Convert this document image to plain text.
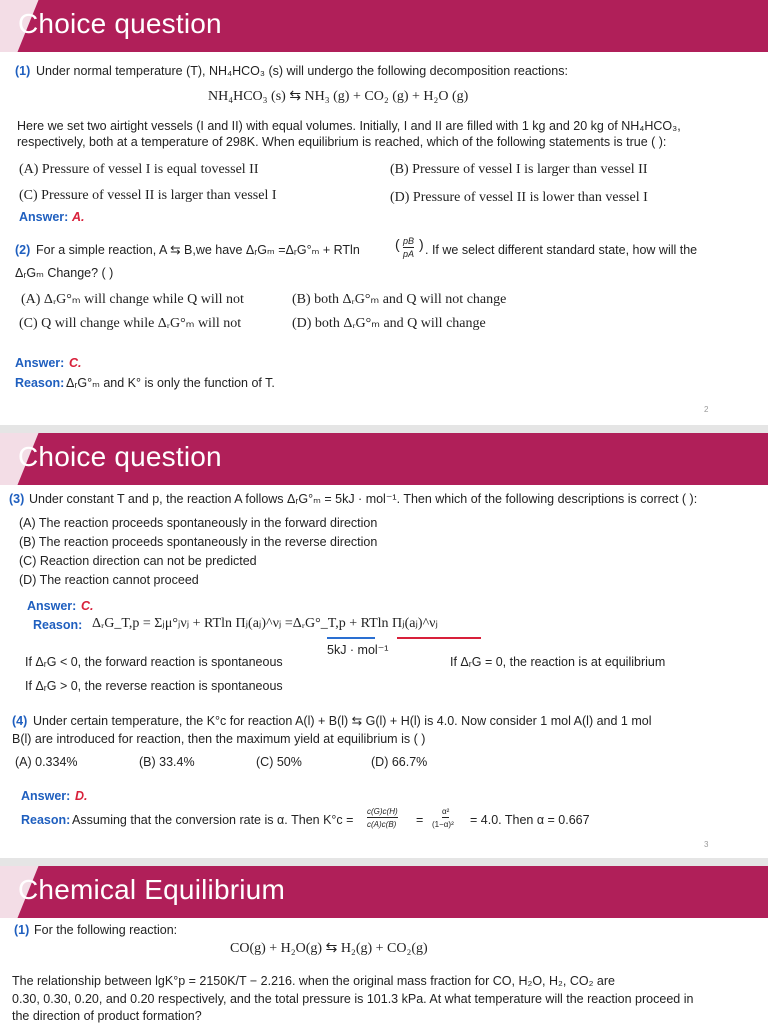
Choice question
(1) Under normal temperature (T), NH₄HCO₃ (s) will undergo the following decomposition reactions:
NH₄HCO₃ (s) ⇆ NH₃ (g) + CO₂ (g) + H₂O (g)
Here we set two airtight vessels (I and II) with equal volumes. Initially, I and II are filled with 1 kg and 20 kg of NH₄HCO₃,
respectively, both at a temperature of 298K. When equilibrium is reached, which of the following statements is true ( ):
(A) Pressure of vessel I is equal tovessel II	(B) Pressure of vessel I is larger than vessel II
(C) Pressure of vessel II is larger than vessel I	(D) Pressure of vessel II is lower than vessel I
Answer: A.
(2) For a simple reaction, A ⇆ B,we have ΔᵣGₘ =ΔᵣG°ₘ + RTln	( pB
pA
) . If we select different standard state, how will the
ΔᵣGₘ Change? ( )
(A) ΔᵣG°ₘ will change while Q will not	(B) both ΔᵣG°ₘ and Q will not change
(C) Q will change while ΔᵣG°ₘ will not	(D) both ΔᵣG°ₘ and Q will change
Answer: C.
Reason: ΔᵣG°ₘ and K° is only the function of T.
2
Choice question
(3) Under constant T and p, the reaction A follows ΔᵣG°ₘ = 5kJ · mol⁻¹. Then which of the following descriptions is correct ( ):
(A) The reaction proceeds spontaneously in the forward direction
(B) The reaction proceeds spontaneously in the reverse direction
(C) Reaction direction can not be predicted
(D) The reaction cannot proceed
Answer: C.
Reason: ΔᵣG_T,p = Σⱼμ°ⱼνⱼ + RTln Πⱼ(aⱼ)^νⱼ =ΔᵣG°_T,p + RTln Πⱼ(aⱼ)^νⱼ
5kJ · mol⁻¹
If ΔᵣG < 0, the forward reaction is spontaneous	If ΔᵣG = 0, the reaction is at equilibrium
If ΔᵣG > 0, the reverse reaction is spontaneous
(4) Under certain temperature, the K°c for reaction A(l) + B(l) ⇆ G(l) + H(l) is 4.0. Now consider 1 mol A(l) and 1 mol
B(l) are introduced for reaction, then the maximum yield at equilibrium is ( )
(A) 0.334%	(B) 33.4%	(C) 50%	(D) 66.7%
Answer: D.
Reason: Assuming that the conversion rate is α. Then K°c =
c(G)c(H)
c(A)c(B) =
α²
(1−α)² = 4.0. Then α = 0.667
3
Chemical Equilibrium
(1) For the following reaction:
CO(g) + H₂O(g) ⇆ H₂(g) + CO₂(g)
The relationship between lgK°p = 2150K/T − 2.216. when the original mass fraction for CO, H₂O, H₂, CO₂ are
0.30, 0.30, 0.20, and 0.20 respectively, and the total pressure is 101.3 kPa. At what temperature will the reaction proceed in
the direction of product formation?
